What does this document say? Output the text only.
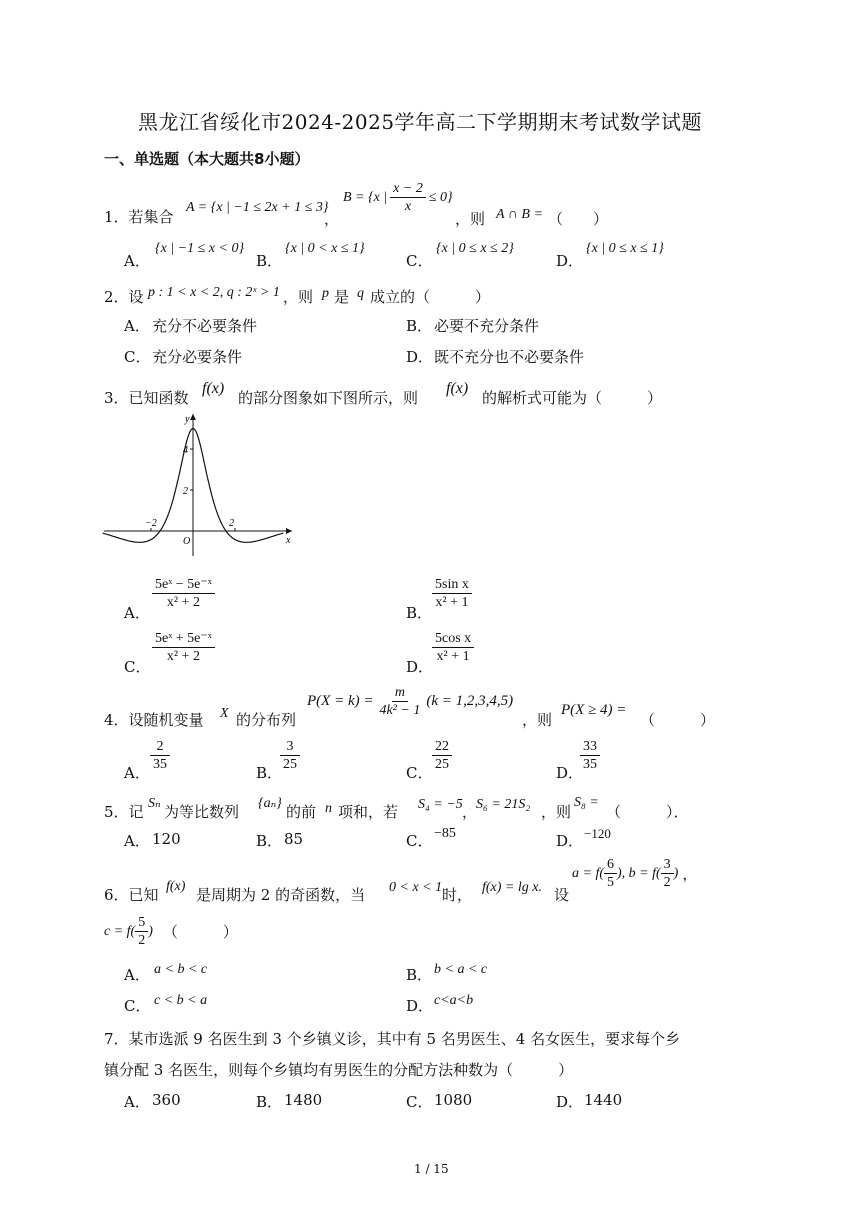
黑龙江省绥化市2024-2025学年高二下学期期末考试数学试题
一、单选题（本大题共8小题）
1．若集合
A = {x | −1 ≤ 2x + 1 ≤ 3}
，
B = {x | $\frac{x - 2}{x} \le 0$}
，则 A ∩ B = （　　）
A．
{x | −1 ≤ x < 0}
B．
{x | 0 < x ≤ 1}
C．
{x | 0 ≤ x ≤ 2}
D．
{x | 0 ≤ x ≤ 1}
2．设 p : 1 < x < 2, q : 2ˣ > 1 ，则 p 是 q 成立的（　　　）
A． 充分不必要条件	B． 必要不充分条件
C． 充分必要条件	D． 既不充分也不必要条件
3．已知函数
f(x)
的部分图象如下图所示，则
f(x)
的解析式可能为（　　　）
4
2
−2	2
O
y
x
A．
$\frac{\text{5eˣ − 5e⁻ˣ}}{\text{x² + 2}}$
B．
$\frac{\text{5sin x}}{\text{x² + 1}}$
C．
$\frac{\text{5eˣ + 5e⁻ˣ}}{\text{x² + 2}}$
D．
$\frac{\text{5cos x}}{\text{x² + 1}}$
4．设随机变量 X 的分布列
$P(X = k) = \frac{m}{\text{4k² − 1}} (k = 1,2,3,4,5)$
，则
P(X ≥ 4) =
（　　　）
A． $\frac{2}{35}$	B．
$\frac{3}{25}$	C． $\frac{22}{25}$	D．
$\frac{33}{35}$
5．记 Sₙ 为等比数列 {aₙ} 的前 n 项和，若 S₄ = −5 ，
S₆ = 21S₂ ，则
S₈ =
（　　　）．
A． 120	B． 85	C． −85	D． −120
6．已知 f(x) 是周期为 2 的奇函数，当 0 < x < 1 时， f(x) = lg x. 设
$a = f( \frac{6}{5}$ ), $b = f( \frac{3}{2}$ ) ，
$c = f( \frac{5}{2}$ ) （　　　）
A． a < b < c	B． b < a < c
C． c < b < a	D． c<a<b
7．某市选派 9 名医生到 3 个乡镇义诊，其中有 5 名男医生、4 名女医生，要求每个乡
镇分配 3 名医生，则每个乡镇均有男医生的分配方法种数为（　　　）
A． 360	B． 1480	C． 1080	D． 1440
1 / 15
